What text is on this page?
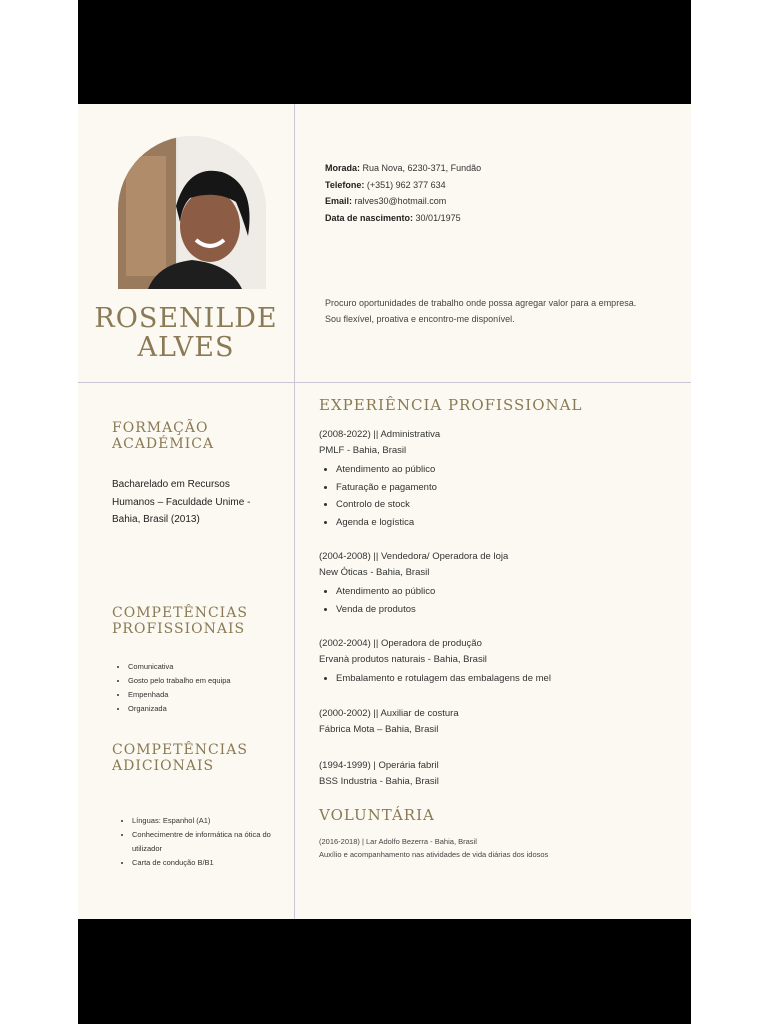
ROSENILDE
ALVES
Morada: Rua Nova, 6230-371, Fundão
Telefone: (+351) 962 377 634
Email: ralves30@hotmail.com
Data de nascimento: 30/01/1975
Procuro oportunidades de trabalho onde possa agregar valor para a empresa. Sou flexível, proativa e encontro-me disponível.
FORMAÇÃO
ACADÉMICA
Bacharelado em Recursos Humanos – Faculdade Unime - Bahia, Brasil (2013)
COMPETÊNCIAS
PROFISSIONAIS
• Comunicativa
• Gosto pelo trabalho em equipa
• Empenhada
• Organizada
COMPETÊNCIAS
ADICIONAIS
• Línguas: Espanhol (A1)
• Conhecimentre de informática na ótica do utilizador
• Carta de condução B/B1
EXPERIÊNCIA PROFISSIONAL
(2008-2022) || Administrativa
PMLF - Bahia, Brasil
• Atendimento ao público
• Faturação e pagamento
• Controlo de stock
• Agenda e logística
(2004-2008) || Vendedora/ Operadora de loja
New Óticas - Bahia, Brasil
• Atendimento ao público
• Venda de produtos
(2002-2004) || Operadora de produção
Ervanà produtos naturais - Bahia, Brasil
• Embalamento e rotulagem das embalagens de mel
(2000-2002) || Auxiliar de costura
Fábrica Mota – Bahia, Brasil
(1994-1999) | Operária fabril
BSS Industria - Bahia, Brasil
VOLUNTÁRIA
(2016-2018) | Lar Adolfo Bezerra - Bahia, Brasil
Auxílio e acompanhamento nas atividades de vida diárias dos idosos
